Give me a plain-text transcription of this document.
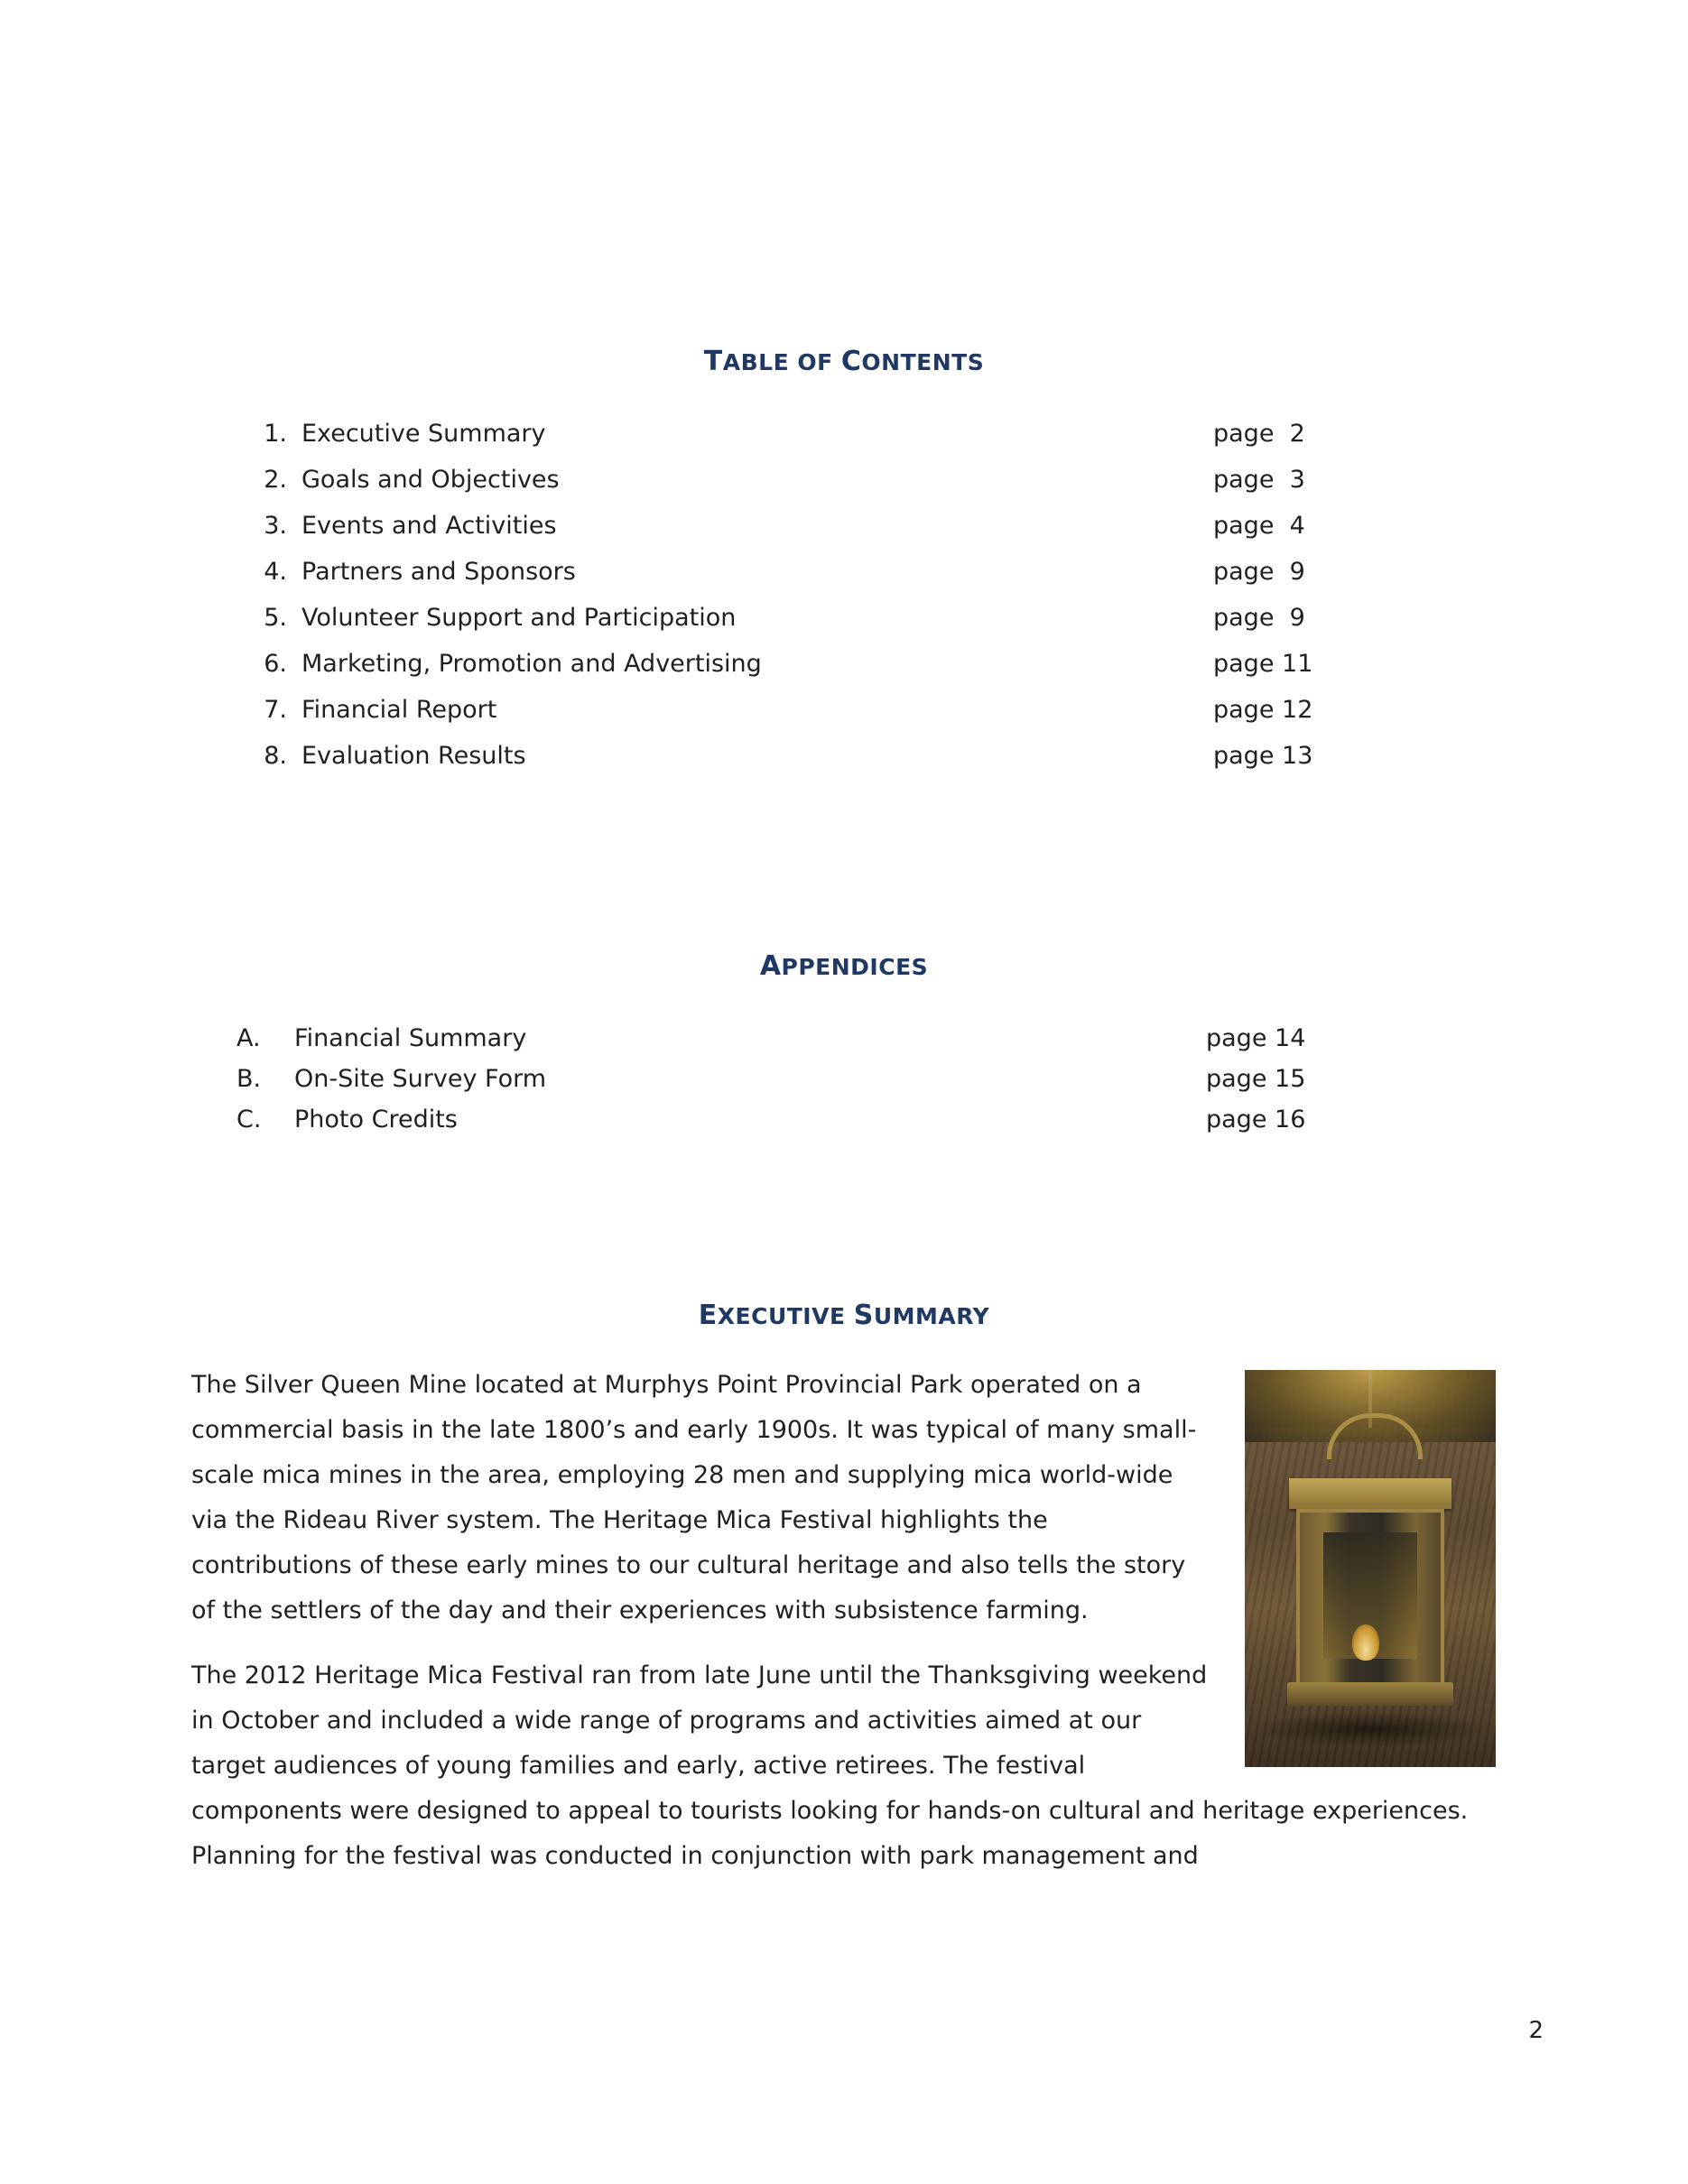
TABLE OF CONTENTS
1. Executive Summary	page  2
2. Goals and Objectives	page  3
3. Events and Activities	page  4
4. Partners and Sponsors	page  9
5. Volunteer Support and Participation	page  9
6. Marketing, Promotion and Advertising	page 11
7. Financial Report	page 12
8. Evaluation Results	page 13
APPENDICES
A.	Financial Summary	page 14
B.	On-Site Survey Form	page 15
C.	Photo Credits	page 16
EXECUTIVE SUMMARY

The Silver Queen Mine located at Murphys Point Provincial Park operated on a commercial basis in the late 1800’s and early 1900s. It was typical of many small-scale mica mines in the area, employing 28 men and supplying mica world-wide via the Rideau River system. The Heritage Mica Festival highlights the contributions of these early mines to our cultural heritage and also tells the story of the settlers of the day and their experiences with subsistence farming.

The 2012 Heritage Mica Festival ran from late June until the Thanksgiving weekend in October and included a wide range of programs and activities aimed at our target audiences of young families and early, active retirees. The festival components were designed to appeal to tourists looking for hands-on cultural and heritage experiences. Planning for the festival was conducted in conjunction with park management and

2
